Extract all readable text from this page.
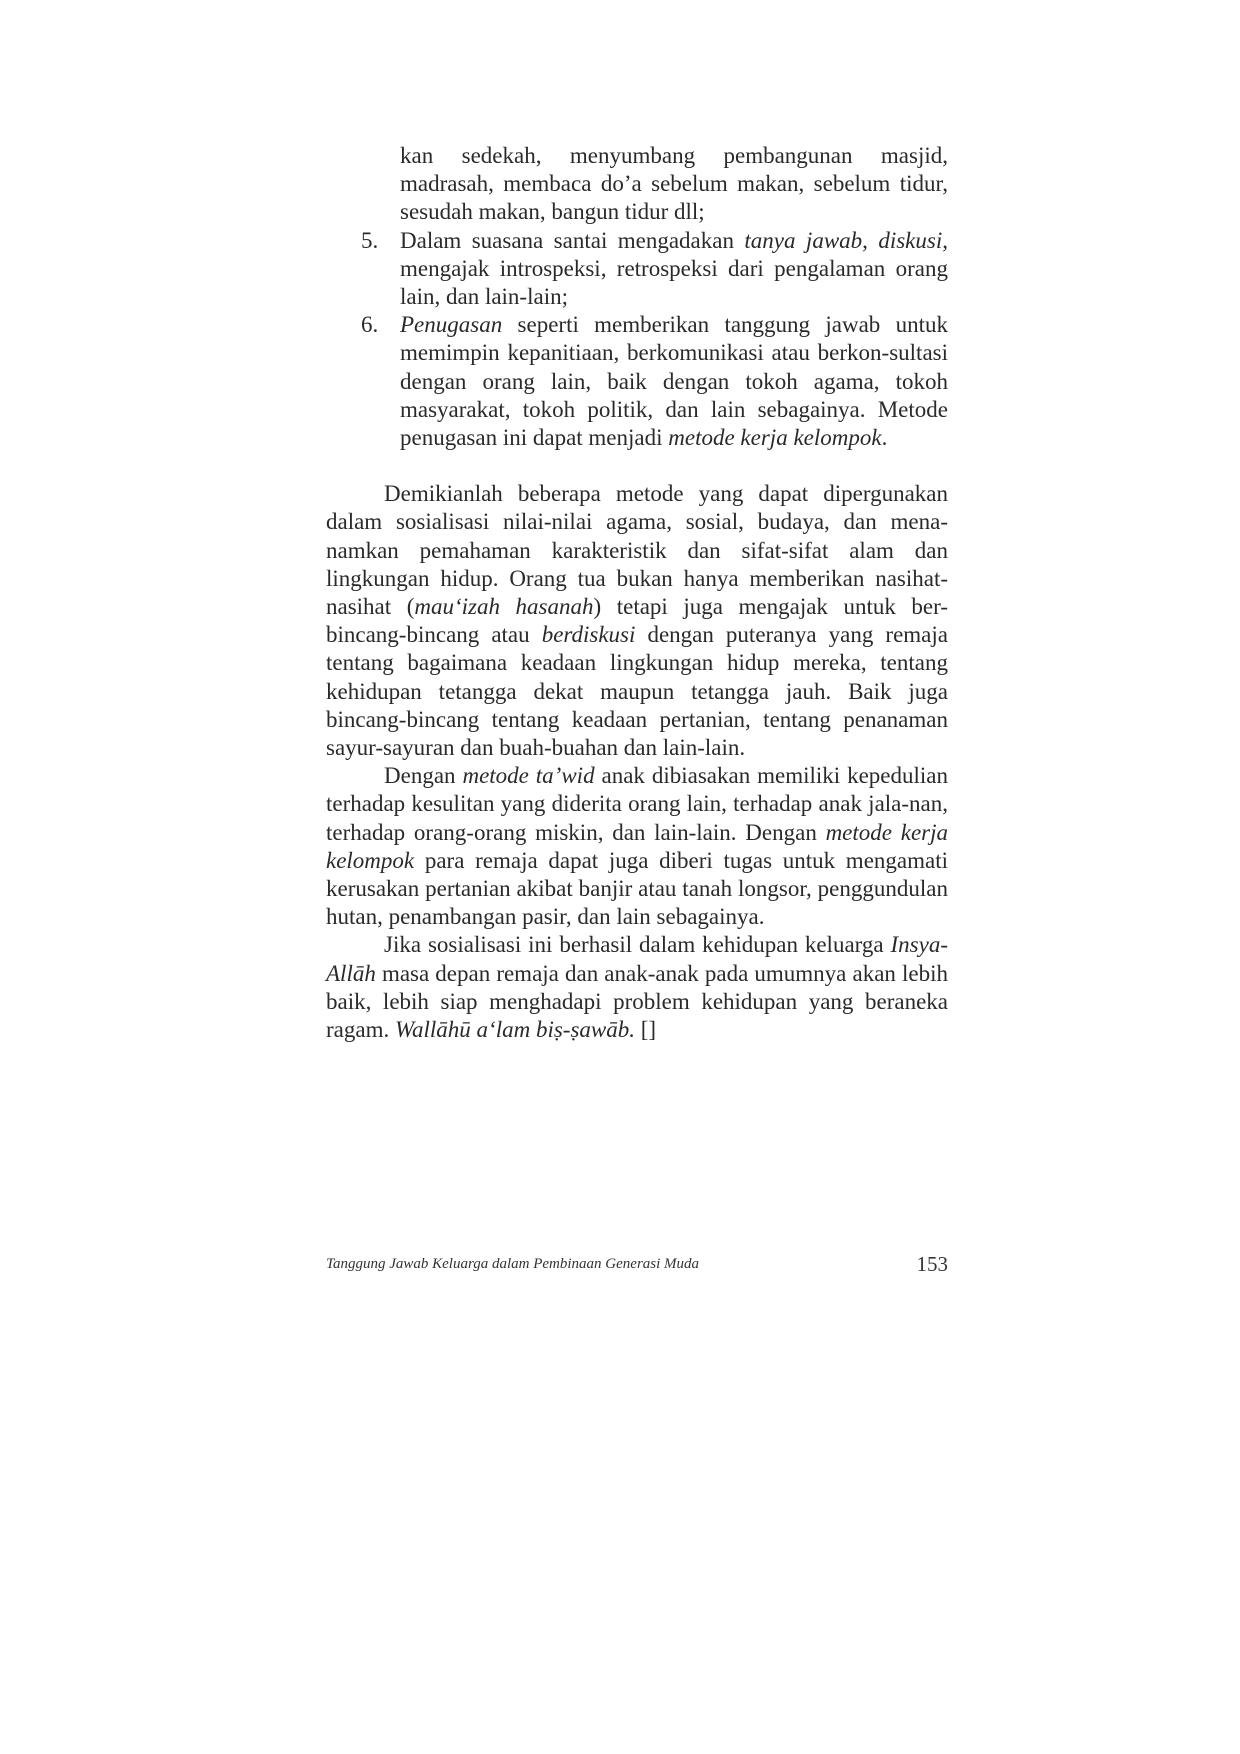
kan sedekah, menyumbang pembangunan masjid, madrasah, membaca do’a sebelum makan, sebelum tidur, sesudah makan, bangun tidur dll;
5. Dalam suasana santai mengadakan tanya jawab, diskusi, mengajak introspeksi, retrospeksi dari pengalaman orang lain, dan lain-lain;
6. Penugasan seperti memberikan tanggung jawab untuk memimpin kepanitiaan, berkomunikasi atau berkon-sultasi dengan orang lain, baik dengan tokoh agama, tokoh masyarakat, tokoh politik, dan lain sebagainya. Metode penugasan ini dapat menjadi metode kerja kelompok.

Demikianlah beberapa metode yang dapat dipergunakan dalam sosialisasi nilai-nilai agama, sosial, budaya, dan mena-namkan pemahaman karakteristik dan sifat-sifat alam dan lingkungan hidup. Orang tua bukan hanya memberikan nasihat-nasihat (mau‘izah hasanah) tetapi juga mengajak untuk ber-bincang-bincang atau berdiskusi dengan puteranya yang remaja tentang bagaimana keadaan lingkungan hidup mereka, tentang kehidupan tetangga dekat maupun tetangga jauh. Baik juga bincang-bincang tentang keadaan pertanian, tentang penanaman sayur-sayuran dan buah-buahan dan lain-lain.

Dengan metode ta’wid anak dibiasakan memiliki kepedulian terhadap kesulitan yang diderita orang lain, terhadap anak jala-nan, terhadap orang-orang miskin, dan lain-lain. Dengan metode kerja kelompok para remaja dapat juga diberi tugas untuk mengamati kerusakan pertanian akibat banjir atau tanah longsor, penggundulan hutan, penambangan pasir, dan lain sebagainya.

Jika sosialisasi ini berhasil dalam kehidupan keluarga Insya-Allāh masa depan remaja dan anak-anak pada umumnya akan lebih baik, lebih siap menghadapi problem kehidupan yang beraneka ragam. Wallāhū a‘lam biṣ-ṣawāb. []

Tanggung Jawab Keluarga dalam Pembinaan Generasi Muda	153
